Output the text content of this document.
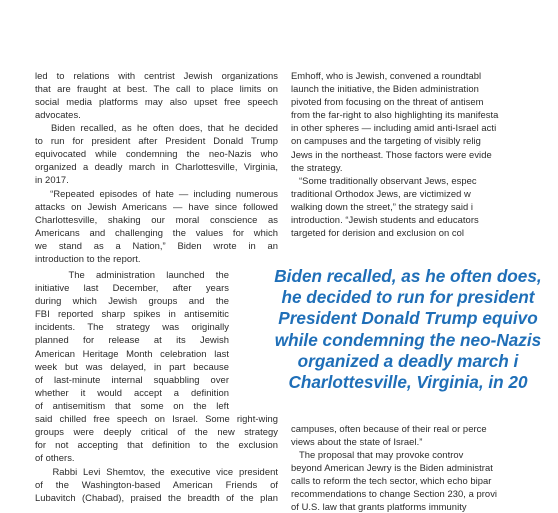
led to relations with centrist Jewish organizations
that are fraught at best. The call to place limits on
social media platforms may also upset free speech
advocates.

Biden recalled, as he often does, that he decided
to run for president after President Donald Trump
equivocated while condemning the neo-Nazis who
organized a deadly march in Charlottesville, Virginia,
in 2017.

“Repeated episodes of hate — including numerous
attacks on Jewish Americans — have since followed
Charlottesville, shaking our moral conscience as
Americans and challenging the values for which
we stand as a Nation,” Biden wrote in an
introduction to the report.

The administration launched the
initiative last December, after years
during which Jewish groups and the
FBI reported sharp spikes in antisemitic
incidents. The strategy was originally
planned for release at its Jewish
American Heritage Month celebration last
week but was delayed, in part because
of last-minute internal squabbling over
whether it would accept a definition
of antisemitism that some on the left

said chilled free speech on Israel. Some right-wing
groups were deeply critical of the new strategy
for not accepting that definition to the exclusion
of others.

Rabbi Levi Shemtov, the executive vice president
of the Washington-based American Friends of
Lubavitch (Chabad), praised the breadth of the plan

Emhoff, who is Jewish, convened a roundtabl
launch the initiative, the Biden administration
pivoted from focusing on the threat of antisem
from the far-right to also highlighting its manifesta
in other spheres — including amid anti-Israel acti
on campuses and the targeting of visibly relig
Jews in the northeast. Those factors were evide
the strategy.

“Some traditionally observant Jews, espec
traditional Orthodox Jews, are victimized w
walking down the street,” the strategy said i
introduction. “Jewish students and educators
targeted for derision and exclusion on col

campuses, often because of their real or perce
views about the state of Israel.”

The proposal that may provoke controv
beyond American Jewry is the Biden administrat
calls to reform the tech sector, which echo bipar
recommendations to change Section 230, a provi
of U.S. law that grants platforms immunity

Biden recalled, as he often does,
he decided to run for president
President Donald Trump equivo
while condemning the neo-Nazis
organized a deadly march i
Charlottesville, Virginia, in 20
